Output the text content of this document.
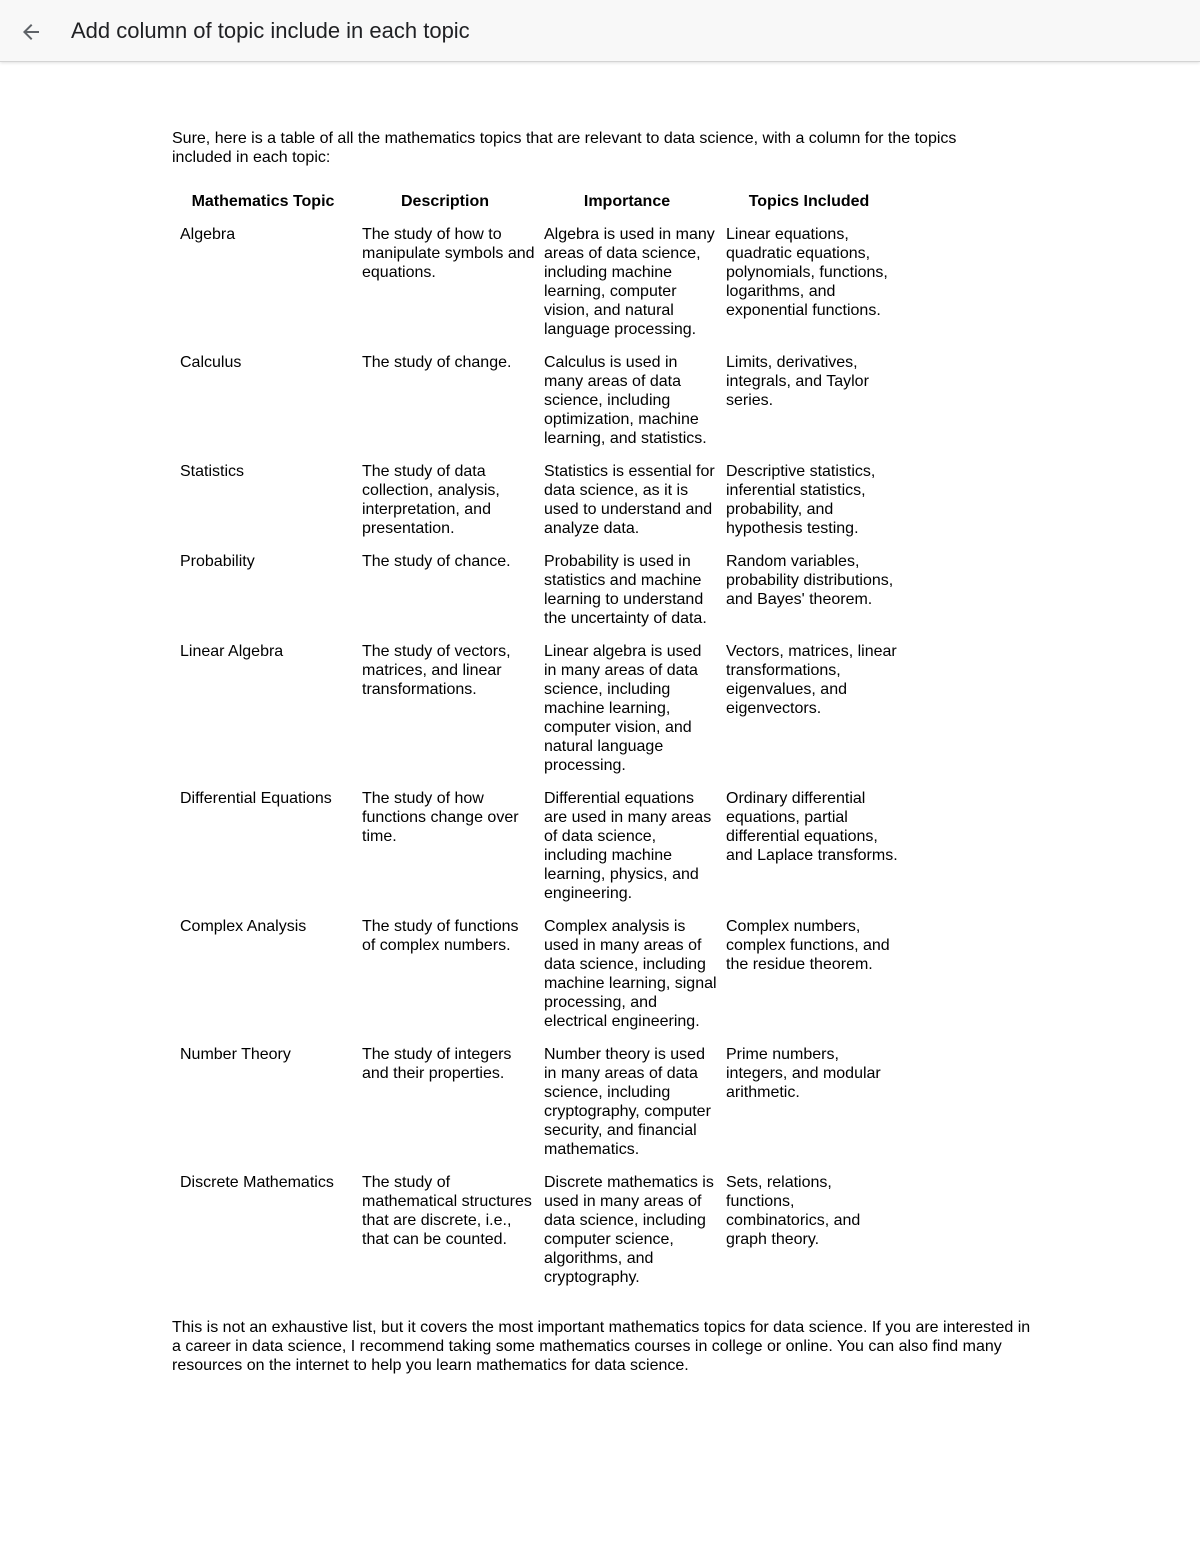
Add column of topic include in each topic

Sure, here is a table of all the mathematics topics that are relevant to data science, with a column for the topics included in each topic:

Mathematics Topic	Description	Importance	Topics Included
Algebra	The study of how to manipulate symbols and equations.	Algebra is used in many areas of data science, including machine learning, computer vision, and natural language processing.	Linear equations, quadratic equations, polynomials, functions, logarithms, and exponential functions.
Calculus	The study of change.	Calculus is used in many areas of data science, including optimization, machine learning, and statistics.	Limits, derivatives, integrals, and Taylor series.
Statistics	The study of data collection, analysis, interpretation, and presentation.	Statistics is essential for data science, as it is used to understand and analyze data.	Descriptive statistics, inferential statistics, probability, and hypothesis testing.
Probability	The study of chance.	Probability is used in statistics and machine learning to understand the uncertainty of data.	Random variables, probability distributions, and Bayes' theorem.
Linear Algebra	The study of vectors, matrices, and linear transformations.	Linear algebra is used in many areas of data science, including machine learning, computer vision, and natural language processing.	Vectors, matrices, linear transformations, eigenvalues, and eigenvectors.
Differential Equations	The study of how functions change over time.	Differential equations are used in many areas of data science, including machine learning, physics, and engineering.	Ordinary differential equations, partial differential equations, and Laplace transforms.
Complex Analysis	The study of functions of complex numbers.	Complex analysis is used in many areas of data science, including machine learning, signal processing, and electrical engineering.	Complex numbers, complex functions, and the residue theorem.
Number Theory	The study of integers and their properties.	Number theory is used in many areas of data science, including cryptography, computer security, and financial mathematics.	Prime numbers, integers, and modular arithmetic.
Discrete Mathematics	The study of mathematical structures that are discrete, i.e., that can be counted.	Discrete mathematics is used in many areas of data science, including computer science, algorithms, and cryptography.	Sets, relations, functions, combinatorics, and graph theory.

This is not an exhaustive list, but it covers the most important mathematics topics for data science. If you are interested in a career in data science, I recommend taking some mathematics courses in college or online. You can also find many resources on the internet to help you learn mathematics for data science.
